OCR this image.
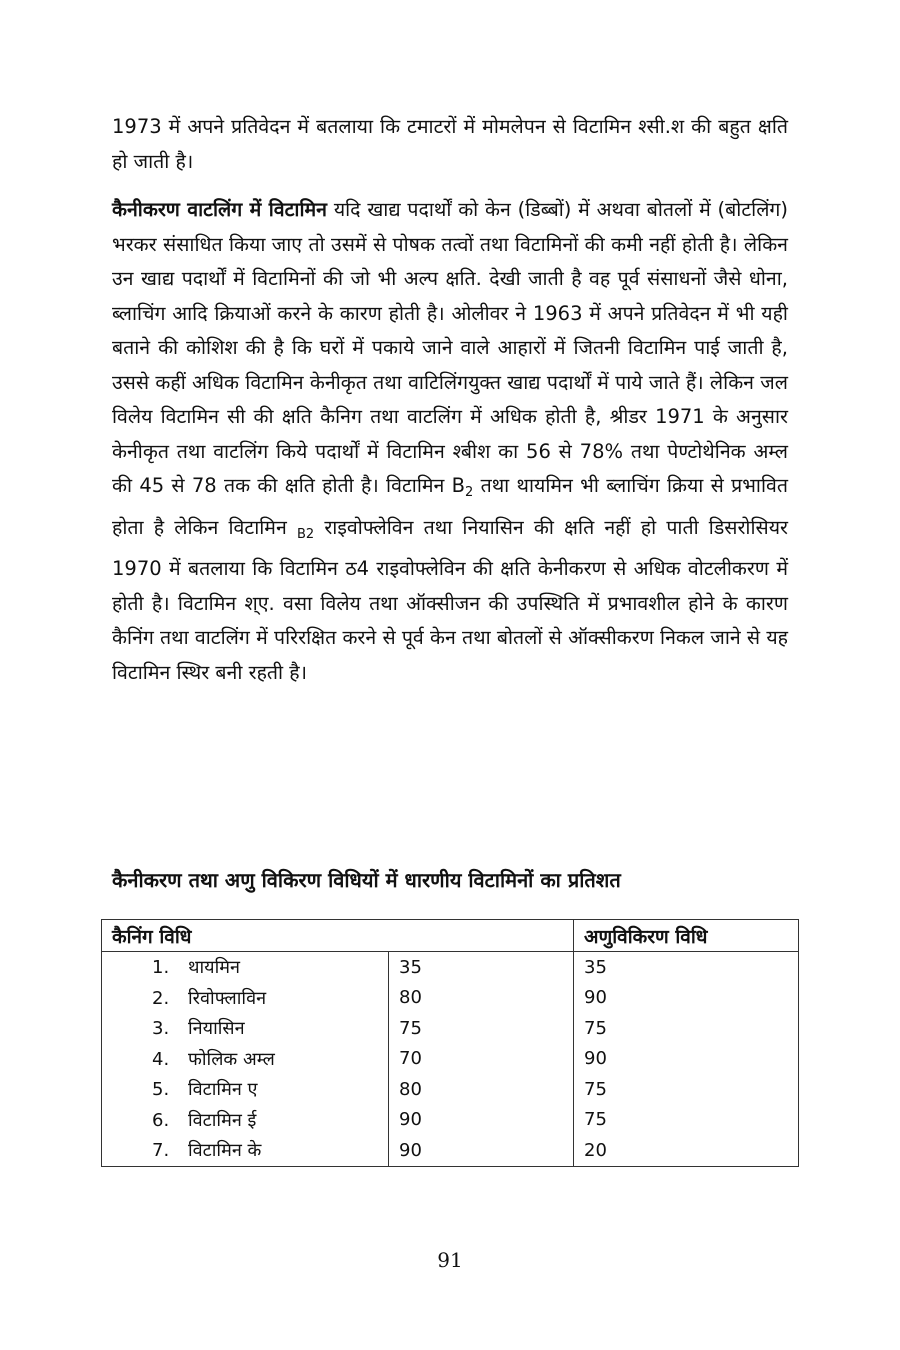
1973 में अपने प्रतिवेदन में बतलाया कि टमाटरों में मोमलेपन से विटामिन श्सी.श की बहुत क्षति हो जाती है।

कैनीकरण वाटलिंग में विटामिन यदि खाद्य पदार्थों को केन (डिब्बों) में अथवा बोतलों में (बोटलिंग) भरकर संसाधित किया जाए तो उसमें से पोषक तत्वों तथा विटामिनों की कमी नहीं होती है। लेकिन उन खाद्य पदार्थों में विटामिनों की जो भी अल्प क्षति. देखी जाती है वह पूर्व संसाधनों जैसे धोना, ब्लाचिंग आदि क्रियाओं करने के कारण होती है। ओलीवर ने 1963 में अपने प्रतिवेदन में भी यही बताने की कोशिश की है कि घरों में पकाये जाने वाले आहारों में जितनी विटामिन पाई जाती है, उससे कहीं अधिक विटामिन केनीकृत तथा वाटिलिंगयुक्त खाद्य पदार्थों में पाये जाते हैं। लेकिन जल विलेय विटामिन सी की क्षति कैनिग तथा वाटलिंग में अधिक होती है, श्रीडर 1971 के अनुसार केनीकृत तथा वाटलिंग किये पदार्थों में विटामिन श्बीश का 56 से 78% तथा पेण्टोथेनिक अम्ल की 45 से 78 तक की क्षति होती है। विटामिन $B_2$ तथा थायमिन भी ब्लाचिंग क्रिया से प्रभावित होता है लेकिन विटामिन $_{B2}$ राइवोफ्लेविन तथा नियासिन की क्षति नहीं हो पाती डिसरोसियर 1970 में बतलाया कि विटामिन ठ4 राइवोफ्लेविन की क्षति केनीकरण से अधिक वोटलीकरण में होती है। विटामिन श्ए. वसा विलेय तथा ऑक्सीजन की उपस्थिति में प्रभावशील होने के कारण कैनिंग तथा वाटलिंग में परिरक्षित करने से पूर्व केन तथा बोतलों से ऑक्सीकरण निकल जाने से यह विटामिन स्थिर बनी रहती है।

कैनीकरण तथा अणु विकिरण विधियों में धारणीय विटामिनों का प्रतिशत
कैनिंग विधि		अणुविकिरण विधि
1. थायमिन	35	35
2. रिवोफ्लाविन	80	90
3. नियासिन	75	75
4. फोलिक अम्ल	70	90
5. विटामिन ए	80	75
6. विटामिन ई	90	75
7. विटामिन के	90	20
91
